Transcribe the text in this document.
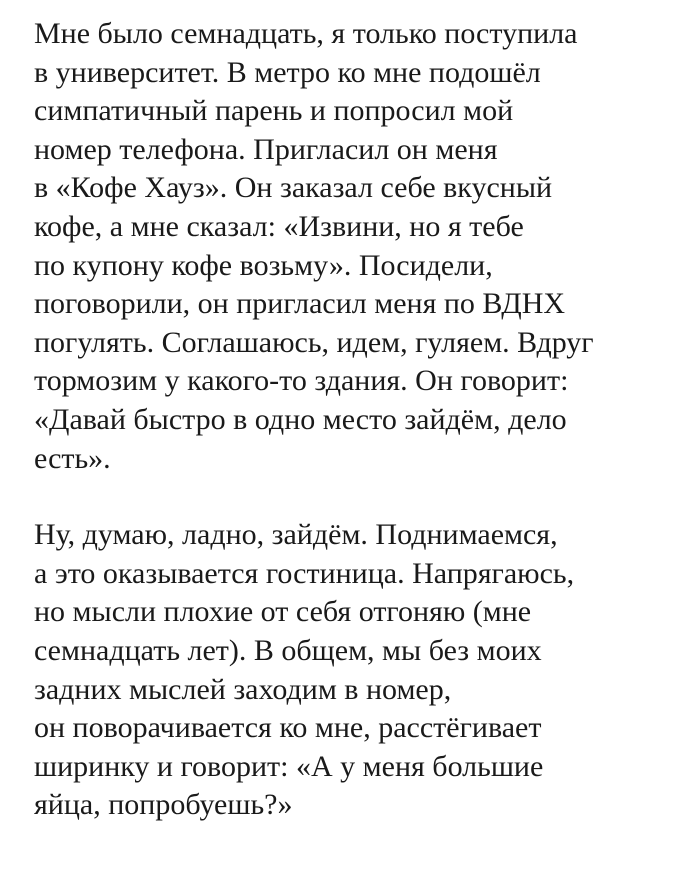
Мне было семнадцать, я только поступила
в университет. В метро ко мне подошёл
симпатичный парень и попросил мой
номер телефона. Пригласил он меня
в «Кофе Хауз». Он заказал себе вкусный
кофе, а мне сказал: «Извини, но я тебе
по купону кофе возьму». Посидели,
поговорили, он пригласил меня по ВДНХ
погулять. Соглашаюсь, идем, гуляем. Вдруг
тормозим у какого-то здания. Он говорит:
«Давай быстро в одно место зайдём, дело
есть».

Ну, думаю, ладно, зайдём. Поднимаемся,
а это оказывается гостиница. Напрягаюсь,
но мысли плохие от себя отгоняю (мне
семнадцать лет). В общем, мы без моих
задних мыслей заходим в номер,
он поворачивается ко мне, расстёгивает
ширинку и говорит: «А у меня большие
яйца, попробуешь?»
